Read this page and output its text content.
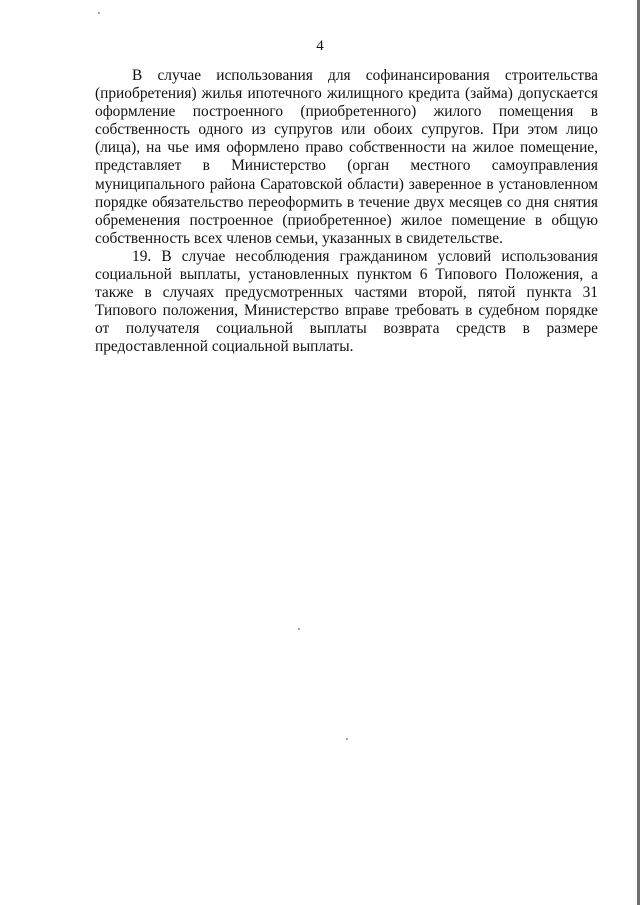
4

В случае использования для софинансирования строительства (приобретения) жилья ипотечного жилищного кредита (займа) допускается оформление построенного (приобретенного) жилого помещения в собственность одного из супругов или обоих супругов. При этом лицо (лица), на чье имя оформлено право собственности на жилое помещение, представляет в Министерство (орган местного самоуправления муниципального района Саратовской области) заверенное в установленном порядке обязательство переоформить в течение двух месяцев со дня снятия обременения построенное (приобретенное) жилое помещение в общую собственность всех членов семьи, указанных в свидетельстве.

19. В случае несоблюдения гражданином условий использования социальной выплаты, установленных пунктом 6 Типового Положения, а также в случаях предусмотренных частями второй, пятой пункта 31 Типового положения, Министерство вправе требовать в судебном порядке от получателя социальной выплаты возврата средств в размере предоставленной социальной выплаты.
